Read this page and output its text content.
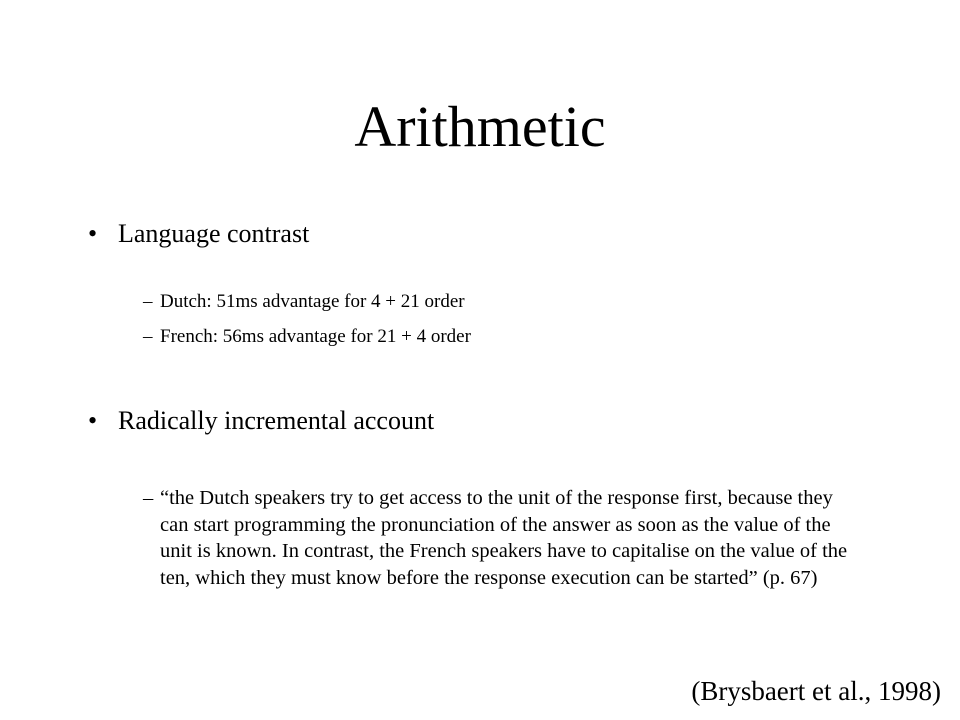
Arithmetic
• Language contrast
– Dutch: 51ms advantage for 4 + 21 order
– French: 56ms advantage for 21 + 4 order
• Radically incremental account
– “the Dutch speakers try to get access to the unit of the response first, because they can start programming the pronunciation of the answer as soon as the value of the unit is known. In contrast, the French speakers have to capitalise on the value of the ten, which they must know before the response execution can be started” (p. 67)
(Brysbaert et al., 1998)
